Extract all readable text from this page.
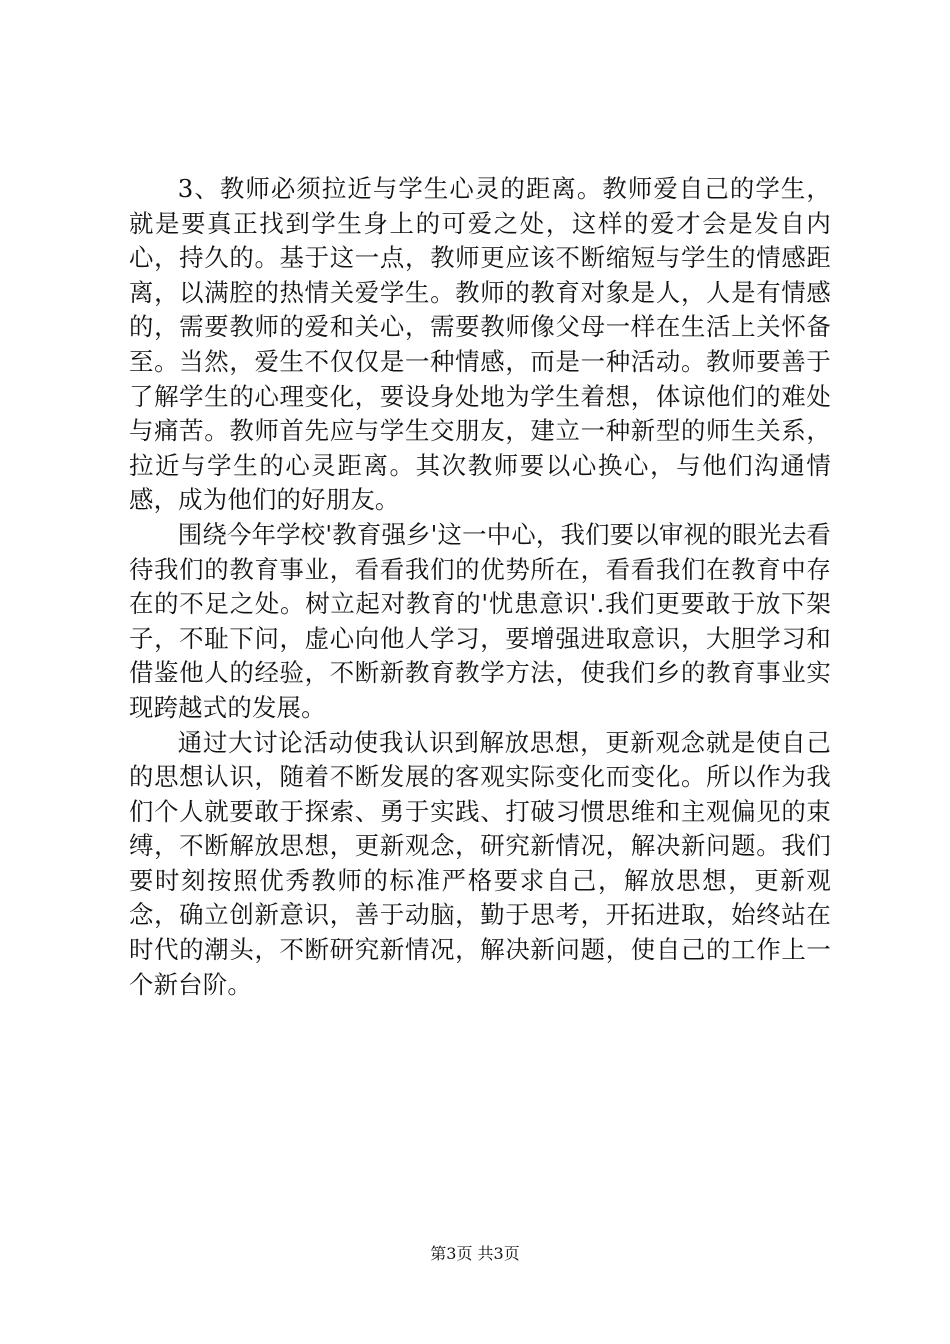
3、教师必须拉近与学生心灵的距离。教师爱自己的学生，就是要真正找到学生身上的可爱之处，这样的爱才会是发自内心，持久的。基于这一点，教师更应该不断缩短与学生的情感距离，以满腔的热情关爱学生。教师的教育对象是人，人是有情感的，需要教师的爱和关心，需要教师像父母一样在生活上关怀备至。当然，爱生不仅仅是一种情感，而是一种活动。教师要善于了解学生的心理变化，要设身处地为学生着想，体谅他们的难处与痛苦。教师首先应与学生交朋友，建立一种新型的师生关系，拉近与学生的心灵距离。其次教师要以心换心，与他们沟通情感，成为他们的好朋友。

围绕今年学校'教育强乡'这一中心，我们要以审视的眼光去看待我们的教育事业，看看我们的优势所在，看看我们在教育中存在的不足之处。树立起对教育的'忧患意识'.我们更要敢于放下架子，不耻下问，虚心向他人学习，要增强进取意识，大胆学习和借鉴他人的经验，不断新教育教学方法，使我们乡的教育事业实现跨越式的发展。

通过大讨论活动使我认识到解放思想，更新观念就是使自己的思想认识，随着不断发展的客观实际变化而变化。所以作为我们个人就要敢于探索、勇于实践、打破习惯思维和主观偏见的束缚，不断解放思想，更新观念，研究新情况，解决新问题。我们要时刻按照优秀教师的标准严格要求自己，解放思想，更新观念，确立创新意识，善于动脑，勤于思考，开拓进取，始终站在时代的潮头，不断研究新情况，解决新问题，使自己的工作上一个新台阶。

第3页 共3页
